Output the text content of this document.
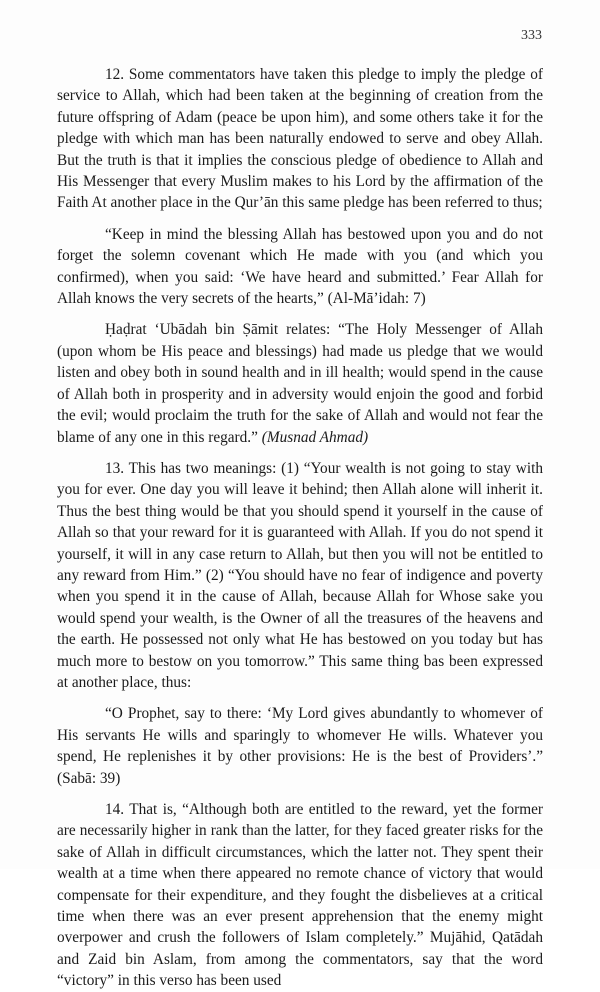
333

12. Some commentators have taken this pledge to imply the pledge of service to Allah, which had been taken at the beginning of creation from the future offspring of Adam (peace be upon him), and some others take it for the pledge with which man has been naturally endowed to serve and obey Allah. But the truth is that it implies the conscious pledge of obedience to Allah and His Messenger that every Muslim makes to his Lord by the affirmation of the Faith At another place in the Qur’ān this same pledge has been referred to thus;

“Keep in mind the blessing Allah has bestowed upon you and do not forget the solemn covenant which He made with you (and which you confirmed), when you said: ‘We have heard and submitted.’ Fear Allah for Allah knows the very secrets of the hearts,” (Al-Mā’idah: 7)

Ḥaḍrat ‘Ubādah bin Ṣāmit relates: “The Holy Messenger of Allah (upon whom be His peace and blessings) had made us pledge that we would listen and obey both in sound health and in ill health; would spend in the cause of Allah both in prosperity and in adversity would enjoin the good and forbid the evil; would proclaim the truth for the sake of Allah and would not fear the blame of any one in this regard.” (Musnad Ahmad)

13. This has two meanings: (1) “Your wealth is not going to stay with you for ever. One day you will leave it behind; then Allah alone will inherit it. Thus the best thing would be that you should spend it yourself in the cause of Allah so that your reward for it is guaranteed with Allah. If you do not spend it yourself, it will in any case return to Allah, but then you will not be entitled to any reward from Him.” (2) “You should have no fear of indigence and poverty when you spend it in the cause of Allah, because Allah for Whose sake you would spend your wealth, is the Owner of all the treasures of the heavens and the earth. He possessed not only what He has bestowed on you today but has much more to bestow on you tomorrow.” This same thing bas been expressed at another place, thus:

“O Prophet, say to there: ‘My Lord gives abundantly to whomever of His servants He wills and sparingly to whomever He wills. Whatever you spend, He replenishes it by other provisions: He is the best of Providers’.” (Sabā: 39)

14. That is, “Although both are entitled to the reward, yet the former are necessarily higher in rank than the latter, for they faced greater risks for the sake of Allah in difficult circumstances, which the latter not. They spent their wealth at a time when there appeared no remote chance of victory that would compensate for their expenditure, and they fought the disbelieves at a critical time when there was an ever present apprehension that the enemy might overpower and crush the followers of Islam completely.” Mujāhid, Qatādah and Zaid bin Aslam, from among the commentators, say that the word “victory” in this verso has been used
